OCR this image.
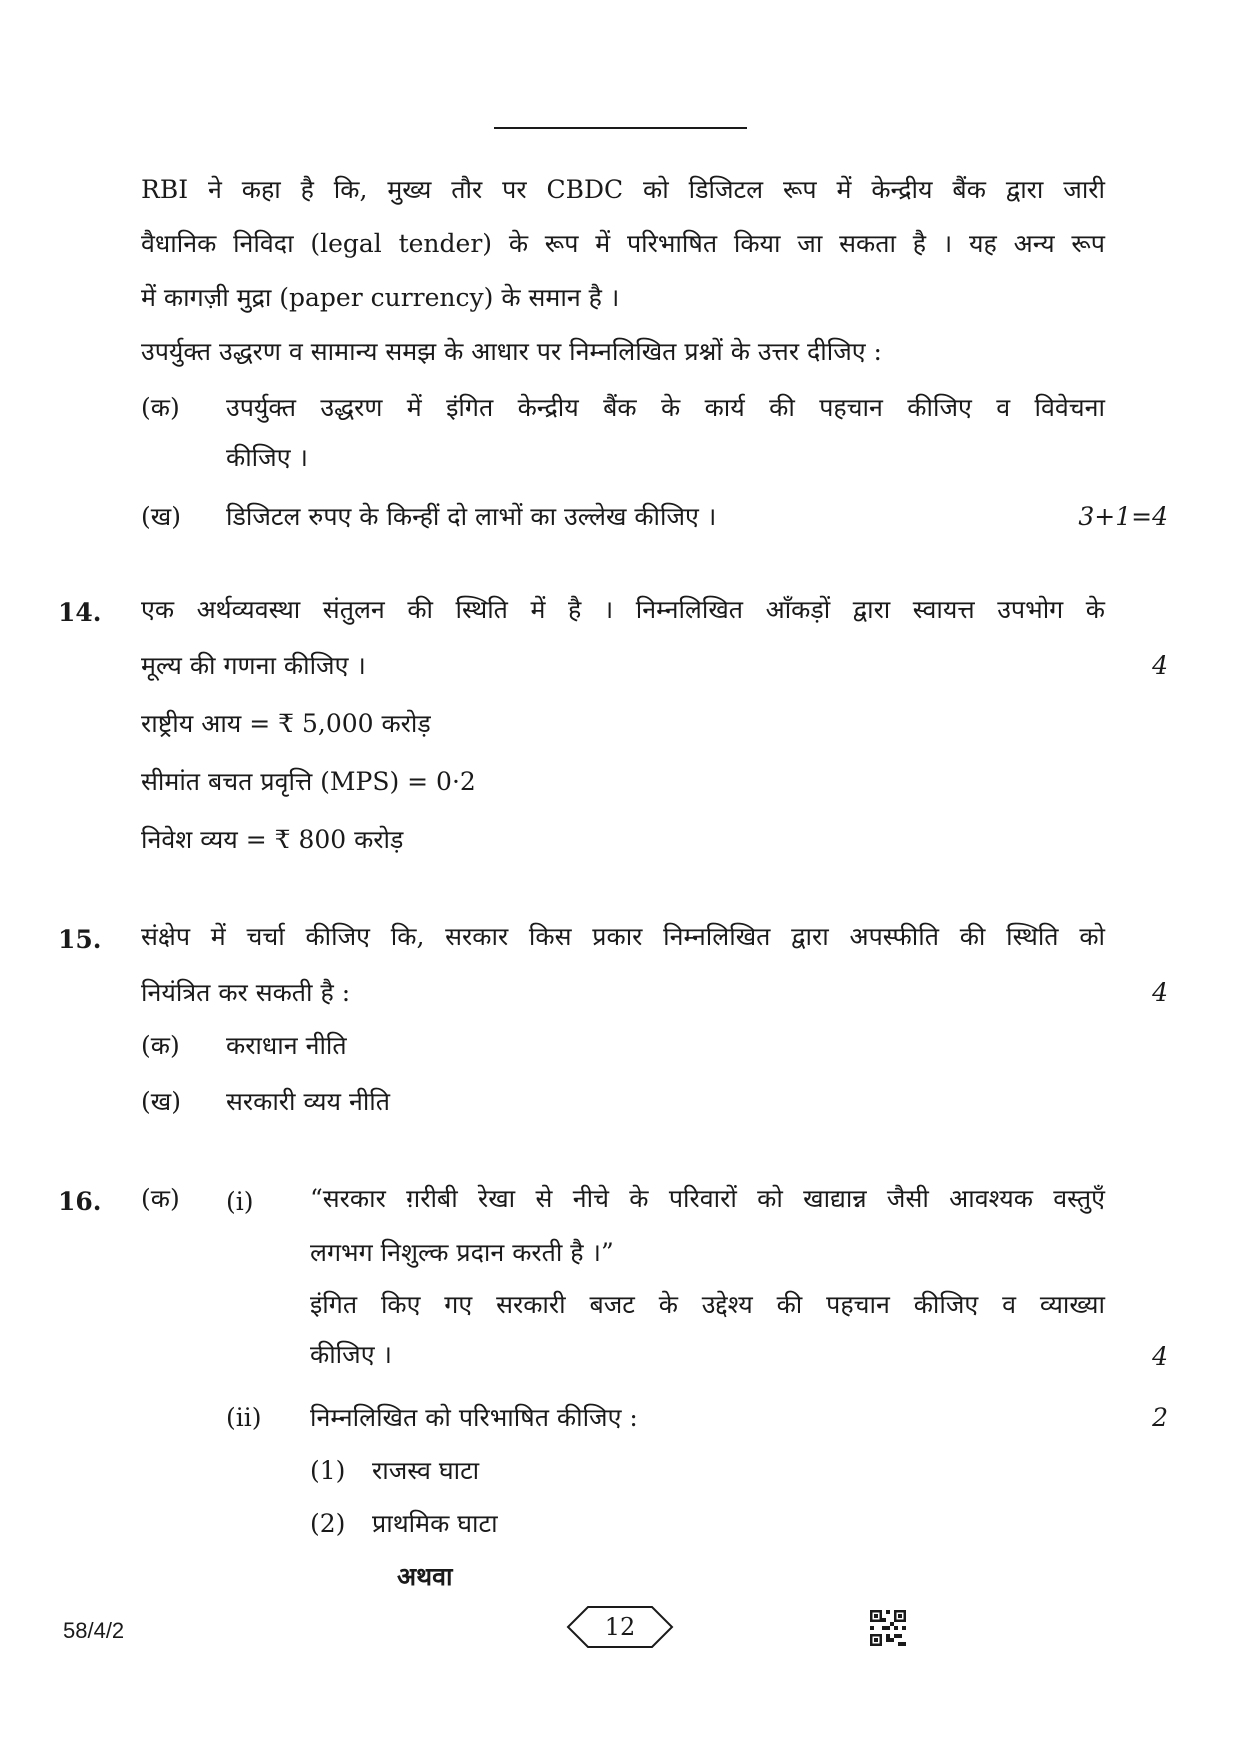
RBI ने कहा है कि, मुख्य तौर पर CBDC को डिजिटल रूप में केन्द्रीय बैंक द्वारा जारी
वैधानिक निविदा (legal tender) के रूप में परिभाषित किया जा सकता है । यह अन्य रूप
में कागज़ी मुद्रा (paper currency) के समान है ।
उपर्युक्त उद्धरण व सामान्य समझ के आधार पर निम्नलिखित प्रश्नों के उत्तर दीजिए :
(क) उपर्युक्त उद्धरण में इंगित केन्द्रीय बैंक के कार्य की पहचान कीजिए व विवेचना
कीजिए ।
(ख) डिजिटल रुपए के किन्हीं दो लाभों का उल्लेख कीजिए ।	3+1=4
14. एक अर्थव्यवस्था संतुलन की स्थिति में है । निम्नलिखित आँकड़ों द्वारा स्वायत्त उपभोग के
मूल्य की गणना कीजिए ।	4
राष्ट्रीय आय = ₹ 5,000 करोड़
सीमांत बचत प्रवृत्ति (MPS) = 0·2
निवेश व्यय = ₹ 800 करोड़
15. संक्षेप में चर्चा कीजिए कि, सरकार किस प्रकार निम्नलिखित द्वारा अपस्फीति की स्थिति को
नियंत्रित कर सकती है :	4
(क) कराधान नीति
(ख) सरकारी व्यय नीति
16. (क) (i) “सरकार ग़रीबी रेखा से नीचे के परिवारों को खाद्यान्न जैसी आवश्यक वस्तुएँ
लगभग निशुल्क प्रदान करती है ।”
इंगित किए गए सरकारी बजट के उद्देश्य की पहचान कीजिए व व्याख्या
कीजिए ।	4
(ii) निम्नलिखित को परिभाषित कीजिए :	2
(1) राजस्व घाटा
(2) प्राथमिक घाटा
अथवा
58/4/2	12
